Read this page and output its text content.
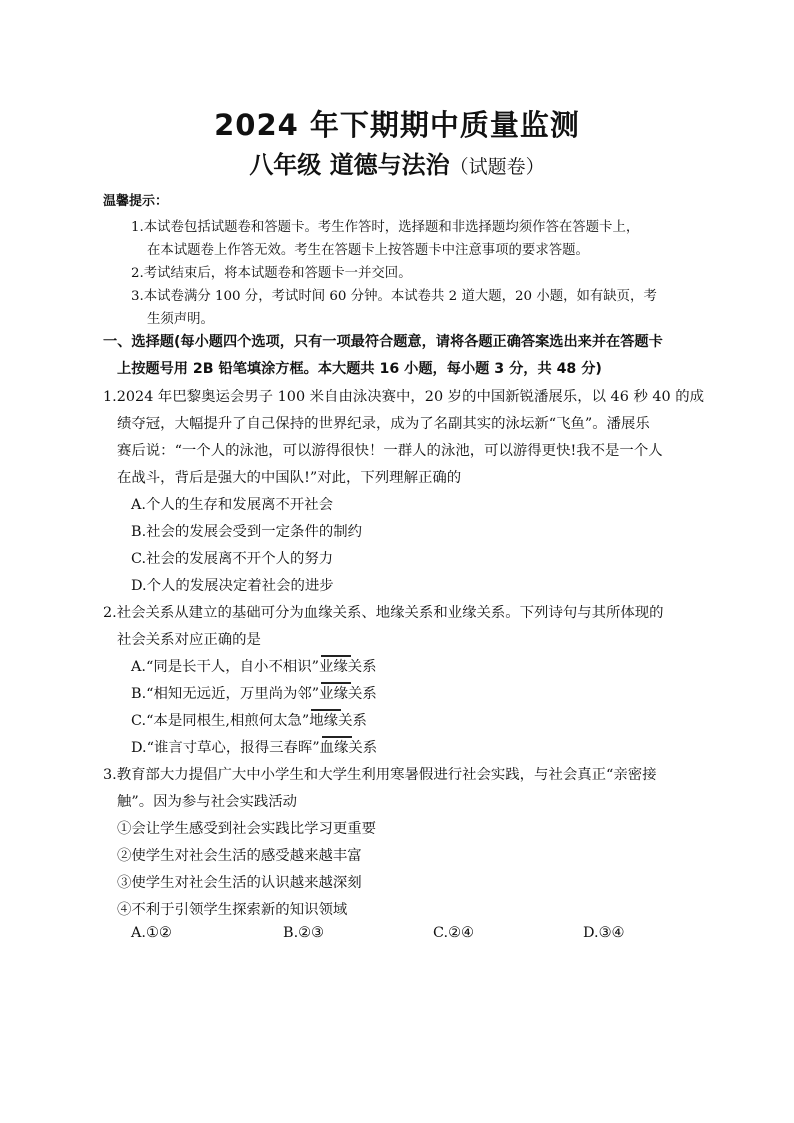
2024 年下期期中质量监测
八年级 道德与法治（试题卷）
温馨提示：
1.本试卷包括试题卷和答题卡。考生作答时，选择题和非选择题均须作答在答题卡上，
在本试题卷上作答无效。考生在答题卡上按答题卡中注意事项的要求答题。
2.考试结束后，将本试题卷和答题卡一并交回。
3.本试卷满分 100 分，考试时间 60 分钟。本试卷共 2 道大题，20 小题，如有缺页，考
生须声明。
一、选择题(每小题四个选项，只有一项最符合题意，请将各题正确答案选出来并在答题卡
上按题号用 2B 铅笔填涂方框。本大题共 16 小题，每小题 3 分，共 48 分)
1.2024 年巴黎奥运会男子 100 米自由泳决赛中，20 岁的中国新锐潘展乐，以 46 秒 40 的成
绩夺冠，大幅提升了自己保持的世界纪录，成为了名副其实的泳坛新“飞鱼”。潘展乐
赛后说：“一个人的泳池，可以游得很快！一群人的泳池，可以游得更快!我不是一个人
在战斗，背后是强大的中国队!”对此，下列理解正确的
A.个人的生存和发展离不开社会
B.社会的发展会受到一定条件的制约
C.社会的发展离不开个人的努力
D.个人的发展决定着社会的进步
2.社会关系从建立的基础可分为血缘关系、地缘关系和业缘关系。下列诗句与其所体现的
社会关系对应正确的是
A.“同是长干人，自小不相识”
业缘关系
B.“相知无远近，万里尚为邻”
业缘关系
C.“本是同根生,相煎何太急”
地缘关系
D.“谁言寸草心，报得三春晖”
血缘关系
3.教育部大力提倡广大中小学生和大学生利用寒暑假进行社会实践，与社会真正“亲密接
触”。因为参与社会实践活动
①会让学生感受到社会实践比学习更重要
②使学生对社会生活的感受越来越丰富
③使学生对社会生活的认识越来越深刻
④不利于引领学生探索新的知识领域
A.①②	B.②③	C.②④	D.③④
